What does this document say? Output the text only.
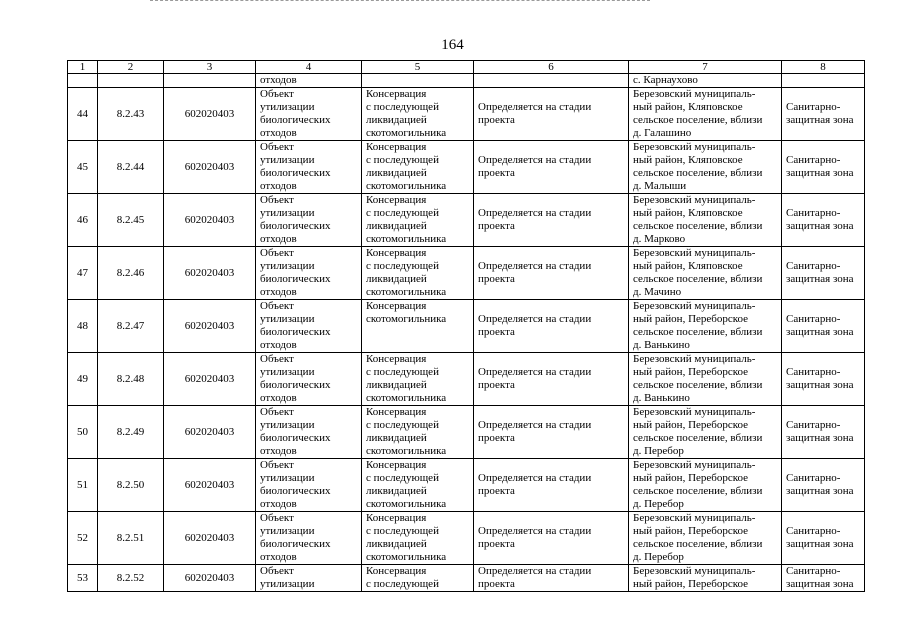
164
1	2	3	4	5	6	7	8
			отходов			с. Карнаухово	
44	8.2.43	602020403	Объект
утилизации
биологических
отходов	Консервация
с последующей
ликвидацией
скотомогильника	Определяется на стадии
проекта	Березовский муниципаль-
ный район, Кляповское
сельское поселение, вблизи
д. Галашино	Санитарно-
защитная зона
45	8.2.44	602020403	Объект
утилизации
биологических
отходов	Консервация
с последующей
ликвидацией
скотомогильника	Определяется на стадии
проекта	Березовский муниципаль-
ный район, Кляповское
сельское поселение, вблизи
д. Малыши	Санитарно-
защитная зона
46	8.2.45	602020403	Объект
утилизации
биологических
отходов	Консервация
с последующей
ликвидацией
скотомогильника	Определяется на стадии
проекта	Березовский муниципаль-
ный район, Кляповское
сельское поселение, вблизи
д. Марково	Санитарно-
защитная зона
47	8.2.46	602020403	Объект
утилизации
биологических
отходов	Консервация
с последующей
ликвидацией
скотомогильника	Определяется на стадии
проекта	Березовский муниципаль-
ный район, Кляповское
сельское поселение, вблизи
д. Мачино	Санитарно-
защитная зона
48	8.2.47	602020403	Объект
утилизации
биологических
отходов	Консервация
скотомогильника	Определяется на стадии
проекта	Березовский муниципаль-
ный район, Переборское
сельское поселение, вблизи
д. Ванькино	Санитарно-
защитная зона
49	8.2.48	602020403	Объект
утилизации
биологических
отходов	Консервация
с последующей
ликвидацией
скотомогильника	Определяется на стадии
проекта	Березовский муниципаль-
ный район, Переборское
сельское поселение, вблизи
д. Ванькино	Санитарно-
защитная зона
50	8.2.49	602020403	Объект
утилизации
биологических
отходов	Консервация
с последующей
ликвидацией
скотомогильника	Определяется на стадии
проекта	Березовский муниципаль-
ный район, Переборское
сельское поселение, вблизи
д. Перебор	Санитарно-
защитная зона
51	8.2.50	602020403	Объект
утилизации
биологических
отходов	Консервация
с последующей
ликвидацией
скотомогильника	Определяется на стадии
проекта	Березовский муниципаль-
ный район, Переборское
сельское поселение, вблизи
д. Перебор	Санитарно-
защитная зона
52	8.2.51	602020403	Объект
утилизации
биологических
отходов	Консервация
с последующей
ликвидацией
скотомогильника	Определяется на стадии
проекта	Березовский муниципаль-
ный район, Переборское
сельское поселение, вблизи
д. Перебор	Санитарно-
защитная зона
53	8.2.52	602020403	Объект
утилизации	Консервация
с последующей	Определяется на стадии
проекта	Березовский муниципаль-
ный район, Переборское	Санитарно-
защитная зона
